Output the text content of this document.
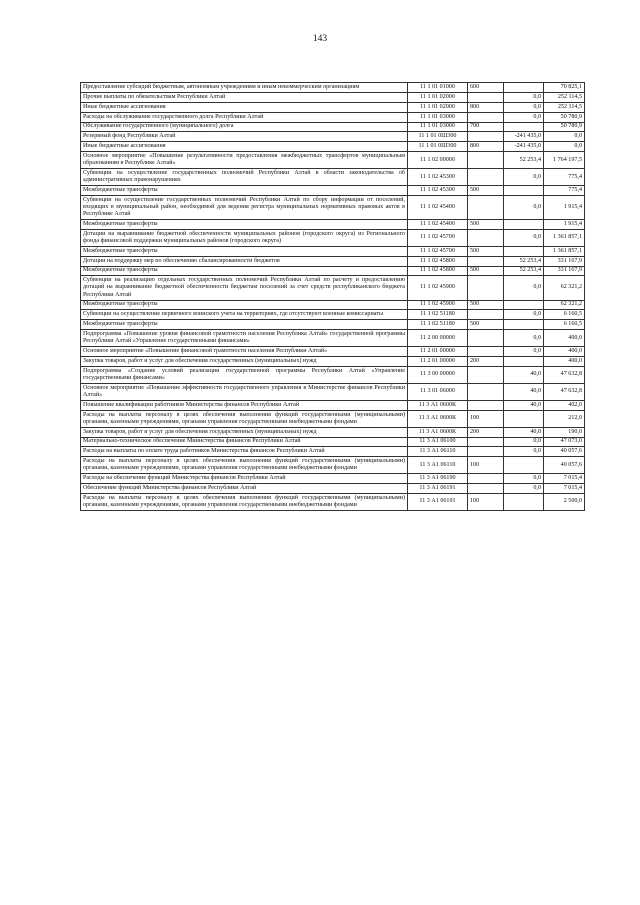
143
Предоставление субсидий бюджетным, автономным учреждениям и иным некоммерческим организациям	11 1 01 01000	600		70 825,1
Прочие выплаты по обязательствам Республики Алтай	11 1 01 02000		0,0	252 114,5
Иные бюджетные ассигнования	11 1 01 02000	800	0,0	252 114,5
Расходы на обслуживание государственного долга Республики Алтай	11 1 01 03000		0,0	50 780,9
Обслуживание государственного (муниципального) долга	11 1 01 03000	700		50 780,9
Резервный фонд Республики Алтай	11 1 01 0Ш300		-241 435,0	0,0
Иные бюджетные ассигнования	11 1 01 0Ш300	800	-241 435,0	0,0
Основное мероприятие «Повышение результативности предоставления межбюджетных трансфертов муниципальным образованиям в Республике Алтай»	11 1 02 00000		52 253,4	1 764 197,5
Субвенции на осуществление государственных полномочий Республики Алтай в области законодательства об административных правонарушениях	11 1 02 45300		0,0	775,4
Межбюджетные трансферты	11 1 02 45300	500		775,4
Субвенции на осуществление государственных полномочий Республики Алтай по сбору информации от поселений, входящих в муниципальный район, необходимой для ведения регистра муниципальных нормативных правовых актов в Республике Алтай	11 1 02 45400		0,0	1 915,4
Межбюджетные трансферты	11 1 02 45400	500		1 915,4
Дотации на выравнивание бюджетной обеспеченности муниципальных районов (городского округа) из Регионального фонда финансовой поддержки муниципальных районов (городского округа)	11 1 02 45700		0,0	1 361 857,1
Межбюджетные трансферты	11 1 02 45700	500		1 361 857,1
Дотации на поддержку мер по обеспечению сбалансированности бюджетов	11 1 02 45800		52 253,4	331 167,9
Межбюджетные трансферты	11 1 02 45800	500	52 253,4	331 167,9
Субвенции на реализацию отдельных государственных полномочий Республики Алтай по расчету и предоставлению дотаций на выравнивание бюджетной обеспеченности бюджетам поселений за счет средств республиканского бюджета Республики Алтай	11 1 02 45900		0,0	62 321,2
Межбюджетные трансферты	11 1 02 45900	500		62 321,2
Субвенции на осуществление первичного воинского учета на территориях, где отсутствуют военные комиссариаты	11 1 02 51180		0,0	6 160,5
Межбюджетные трансферты	11 1 02 51180	500		6 160,5
Подпрограмма «Повышение уровня финансовой грамотности населения Республика Алтай» государственной программы Республики Алтай «Управление государственными финансами»	11 2 00 00000		0,0	400,0
Основное мероприятие «Повышение финансовой грамотности населения Республики Алтай»	11 2 01 00000		0,0	400,0
Закупка товаров, работ и услуг для обеспечения государственных (муниципальных) нужд	11 2 01 00000	200		400,0
Подпрограмма «Создание условий реализации государственной программы Республики Алтай «Управление государственными финансами»	11 3 00 00000		40,0	47 632,8
Основное мероприятие «Повышение эффективности государственного управления в Министерстве финансов Республики Алтай»	11 3 01 06000		40,0	47 632,8
Повышение квалификации работников Министерства финансов Республики Алтай	11 3 А1 0600К		40,0	402,0
Расходы на выплаты персоналу в целях обеспечения выполнения функций государственными (муниципальными) органами, казенными учреждениями, органами управления государственными внебюджетными фондами	11 3 А1 0600К	100		212,0
Закупка товаров, работ и услуг для обеспечения государственных (муниципальных) нужд	11 3 А1 0600К	200	40,0	190,0
Материально-техническое обеспечение Министерства финансов Республики Алтай	11 3 А1 06100		0,0	47 073,0
Расходы на выплаты по оплате труда работников Министерства финансов Республики Алтай	11 3 А1 06110		0,0	40 057,6
Расходы на выплаты персоналу в целях обеспечения выполнения функций государственными (муниципальными) органами, казенными учреждениями, органами управления государственными внебюджетными фондами	11 3 А1 06110	100		40 057,6
Расходы на обеспечение функций Министерства финансов Республики Алтай	11 3 А1 06190		0,0	7 015,4
Обеспечение функций Министерства финансов Республики Алтай	11 3 А1 06191		0,0	7 015,4
Расходы на выплаты персоналу в целях обеспечения выполнения функций государственными (муниципальными) органами, казенными учреждениями, органами управления государственными внебюджетными фондами	11 3 А1 06191	100		2 500,0
